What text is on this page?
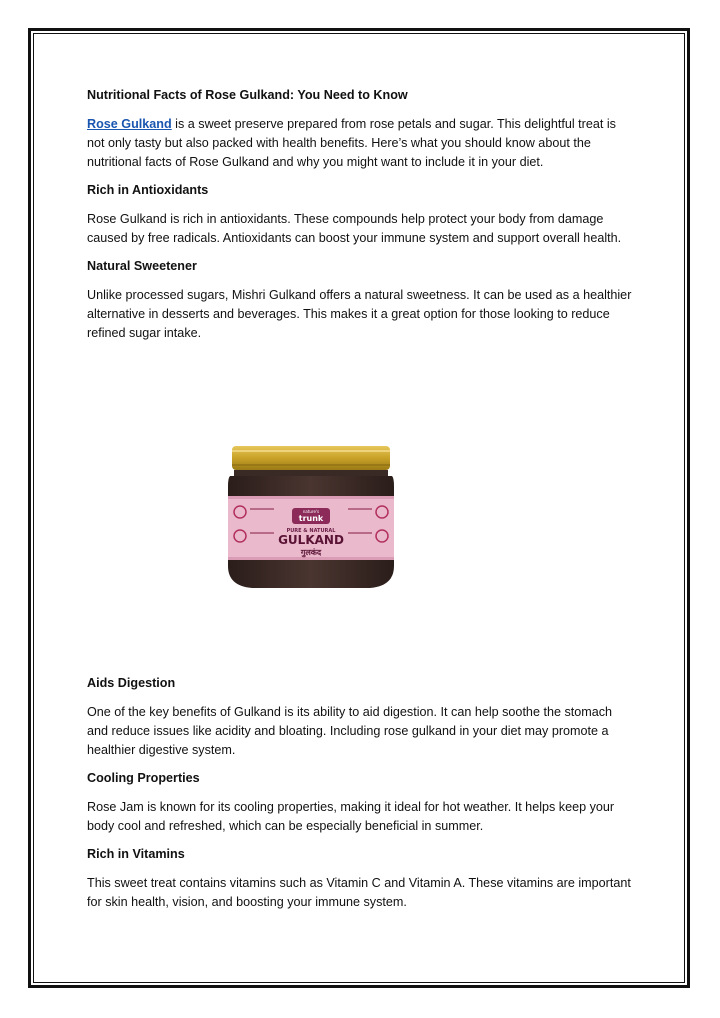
Nutritional Facts of Rose Gulkand: You Need to Know

Rose Gulkand is a sweet preserve prepared from rose petals and sugar. This delightful treat is not only tasty but also packed with health benefits. Here’s what you should know about the nutritional facts of Rose Gulkand and why you might want to include it in your diet.

Rich in Antioxidants

Rose Gulkand is rich in antioxidants. These compounds help protect your body from damage caused by free radicals. Antioxidants can boost your immune system and support overall health.

Natural Sweetener

Unlike processed sugars, Mishri Gulkand offers a natural sweetness. It can be used as a healthier alternative in desserts and beverages. This makes it a great option for those looking to reduce refined sugar intake.

nature's
trunk
PURE & NATURAL
GULKAND
गुलकंद

Aids Digestion

One of the key benefits of Gulkand is its ability to aid digestion. It can help soothe the stomach and reduce issues like acidity and bloating. Including rose gulkand in your diet may promote a healthier digestive system.

Cooling Properties

Rose Jam is known for its cooling properties, making it ideal for hot weather. It helps keep your body cool and refreshed, which can be especially beneficial in summer.

Rich in Vitamins

This sweet treat contains vitamins such as Vitamin C and Vitamin A. These vitamins are important for skin health, vision, and boosting your immune system.
